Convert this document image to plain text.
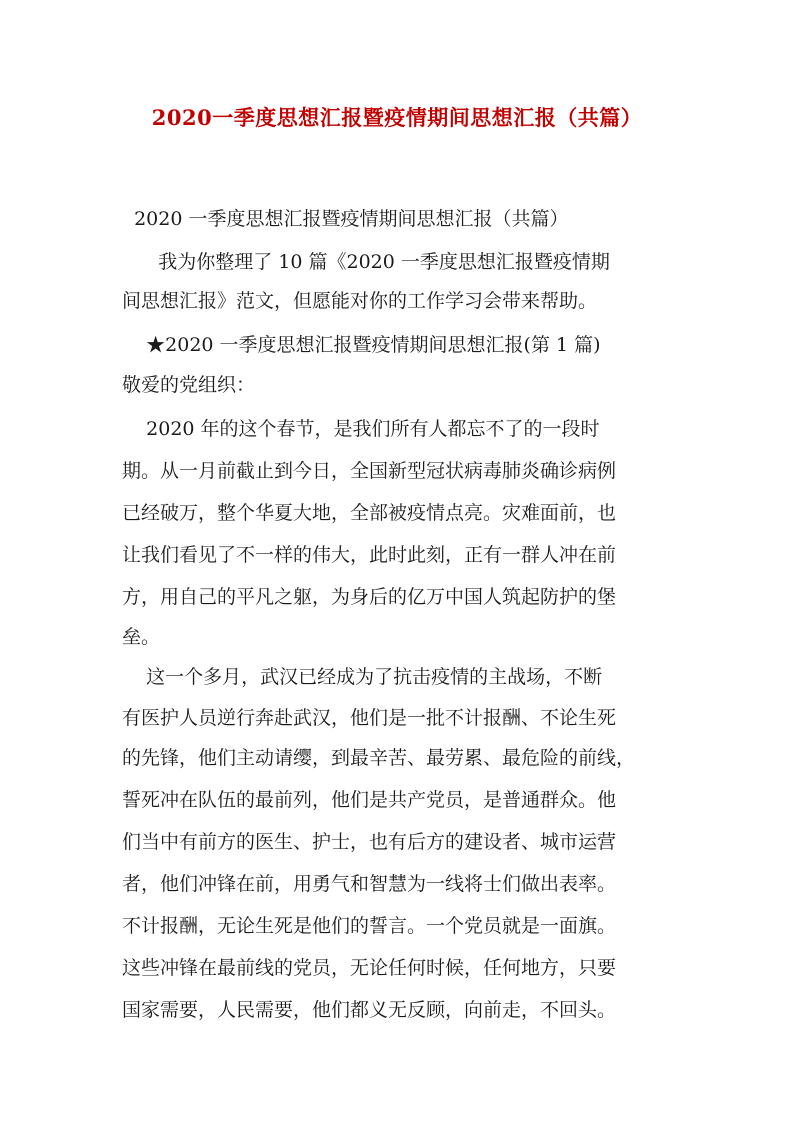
2020一季度思想汇报暨疫情期间思想汇报（共篇）
2020 一季度思想汇报暨疫情期间思想汇报（共篇）
我为你整理了 10 篇《2020 一季度思想汇报暨疫情期
间思想汇报》范文，但愿能对你的工作学习会带来帮助。
★2020 一季度思想汇报暨疫情期间思想汇报(第 1 篇)
敬爱的党组织：
2020 年的这个春节，是我们所有人都忘不了的一段时
期。从一月前截止到今日，全国新型冠状病毒肺炎确诊病例
已经破万，整个华夏大地，全部被疫情点亮。灾难面前，也
让我们看见了不一样的伟大，此时此刻，正有一群人冲在前
方，用自己的平凡之躯，为身后的亿万中国人筑起防护的堡
垒。
这一个多月，武汉已经成为了抗击疫情的主战场，不断
有医护人员逆行奔赴武汉，他们是一批不计报酬、不论生死
的先锋，他们主动请缨，到最辛苦、最劳累、最危险的前线，
誓死冲在队伍的最前列，他们是共产党员，是普通群众。他
们当中有前方的医生、护士，也有后方的建设者、城市运营
者，他们冲锋在前，用勇气和智慧为一线将士们做出表率。
不计报酬，无论生死是他们的誓言。一个党员就是一面旗。
这些冲锋在最前线的党员，无论任何时候，任何地方，只要
国家需要，人民需要，他们都义无反顾，向前走，不回头。
